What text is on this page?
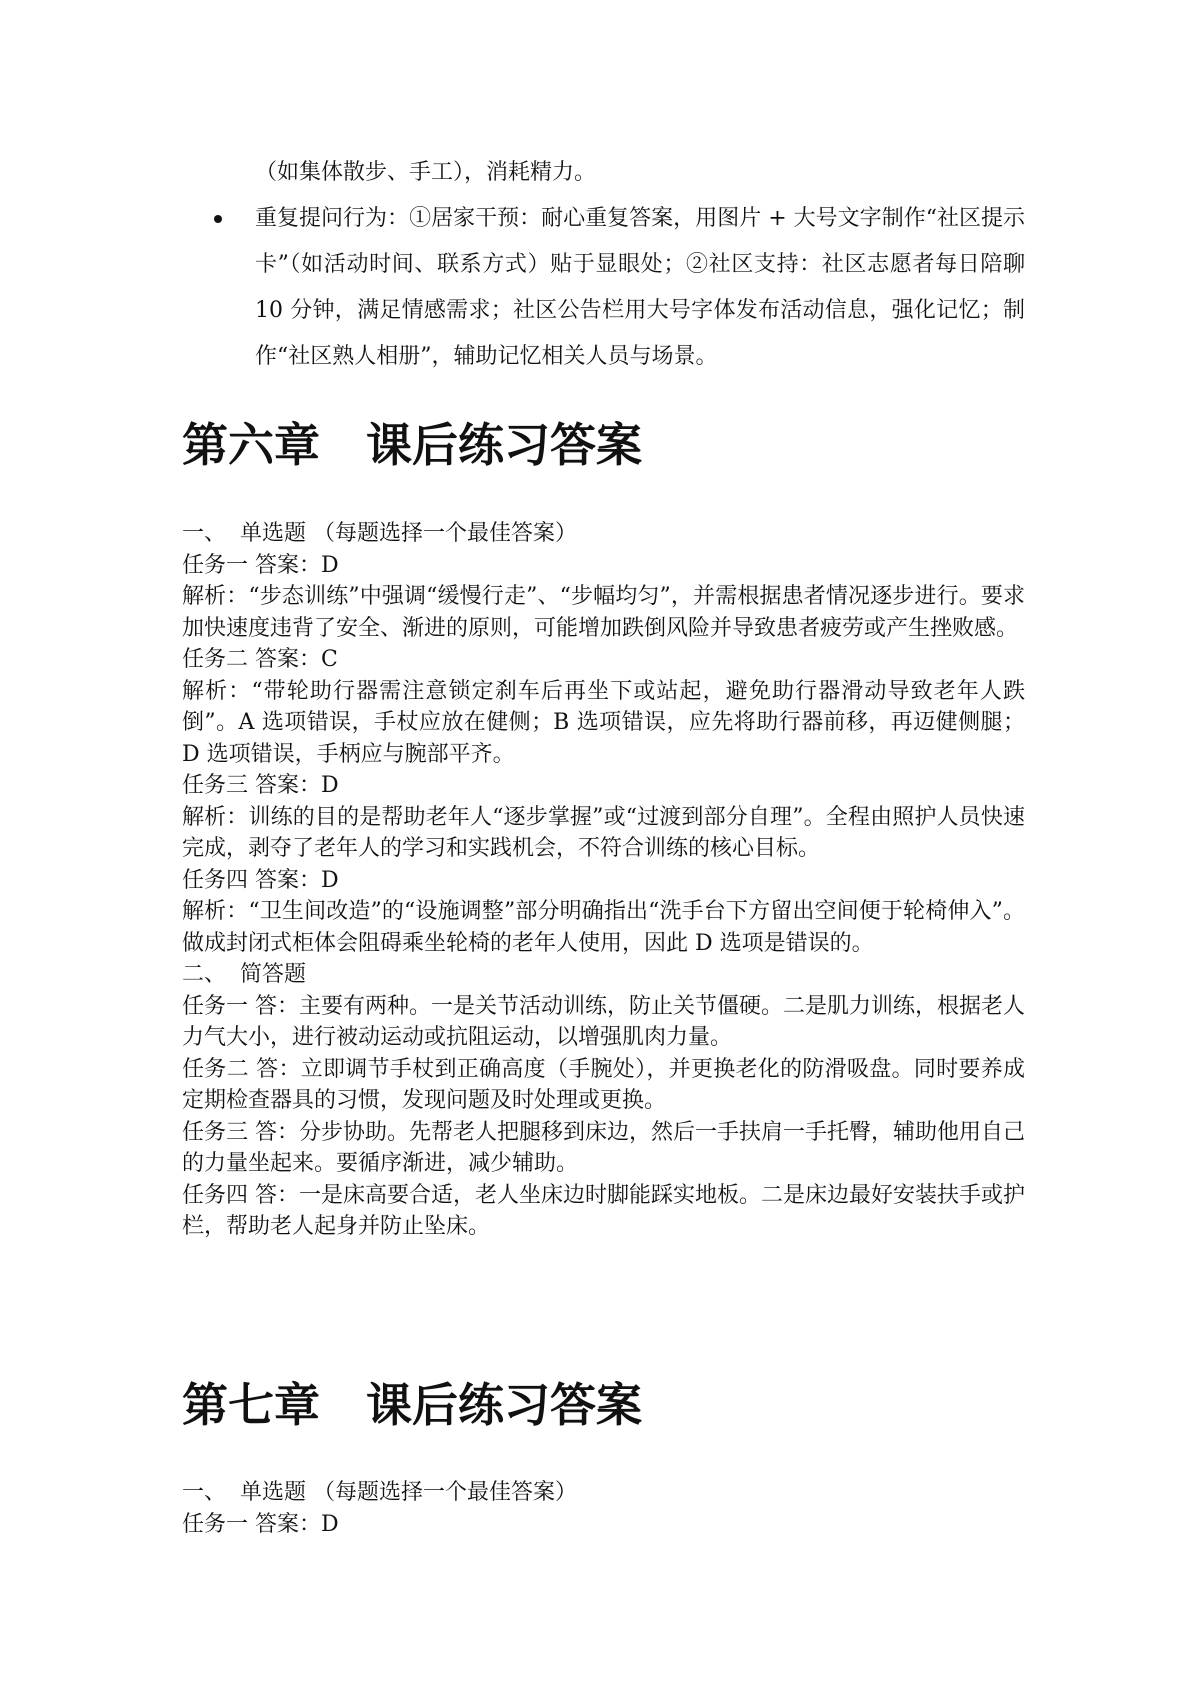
（如集体散步、手工），消耗精力。

重复提问行为：①居家干预：耐心重复答案，用图片 + 大号文字制作“社区提示卡”（如活动时间、联系方式）贴于显眼处；②社区支持：社区志愿者每日陪聊 10 分钟，满足情感需求；社区公告栏用大号字体发布活动信息，强化记忆；制作“社区熟人相册”，辅助记忆相关人员与场景。
第六章　课后练习答案

一、  单选题 （每题选择一个最佳答案）

任务一 答案：D

解析：“步态训练”中强调“缓慢行走”、“步幅均匀”，并需根据患者情况逐步进行。要求加快速度违背了安全、渐进的原则，可能增加跌倒风险并导致患者疲劳或产生挫败感。

任务二 答案：C

解析：“带轮助行器需注意锁定刹车后再坐下或站起，避免助行器滑动导致老年人跌倒”。A 选项错误，手杖应放在健侧；B 选项错误，应先将助行器前移，再迈健侧腿；D 选项错误，手柄应与腕部平齐。

任务三 答案：D

解析：训练的目的是帮助老年人“逐步掌握”或“过渡到部分自理”。全程由照护人员快速完成，剥夺了老年人的学习和实践机会，不符合训练的核心目标。

任务四 答案：D

解析：“卫生间改造”的“设施调整”部分明确指出“洗手台下方留出空间便于轮椅伸入”。做成封闭式柜体会阻碍乘坐轮椅的老年人使用，因此 D 选项是错误的。

二、  简答题

任务一 答：主要有两种。一是关节活动训练，防止关节僵硬。二是肌力训练，根据老人力气大小，进行被动运动或抗阻运动，以增强肌肉力量。

任务二 答：立即调节手杖到正确高度（手腕处），并更换老化的防滑吸盘。同时要养成定期检查器具的习惯，发现问题及时处理或更换。

任务三 答：分步协助。先帮老人把腿移到床边，然后一手扶肩一手托臀，辅助他用自己的力量坐起来。要循序渐进，减少辅助。

任务四 答：一是床高要合适，老人坐床边时脚能踩实地板。二是床边最好安装扶手或护栏，帮助老人起身并防止坠床。

第七章　课后练习答案

一、  单选题 （每题选择一个最佳答案）

任务一 答案：D
